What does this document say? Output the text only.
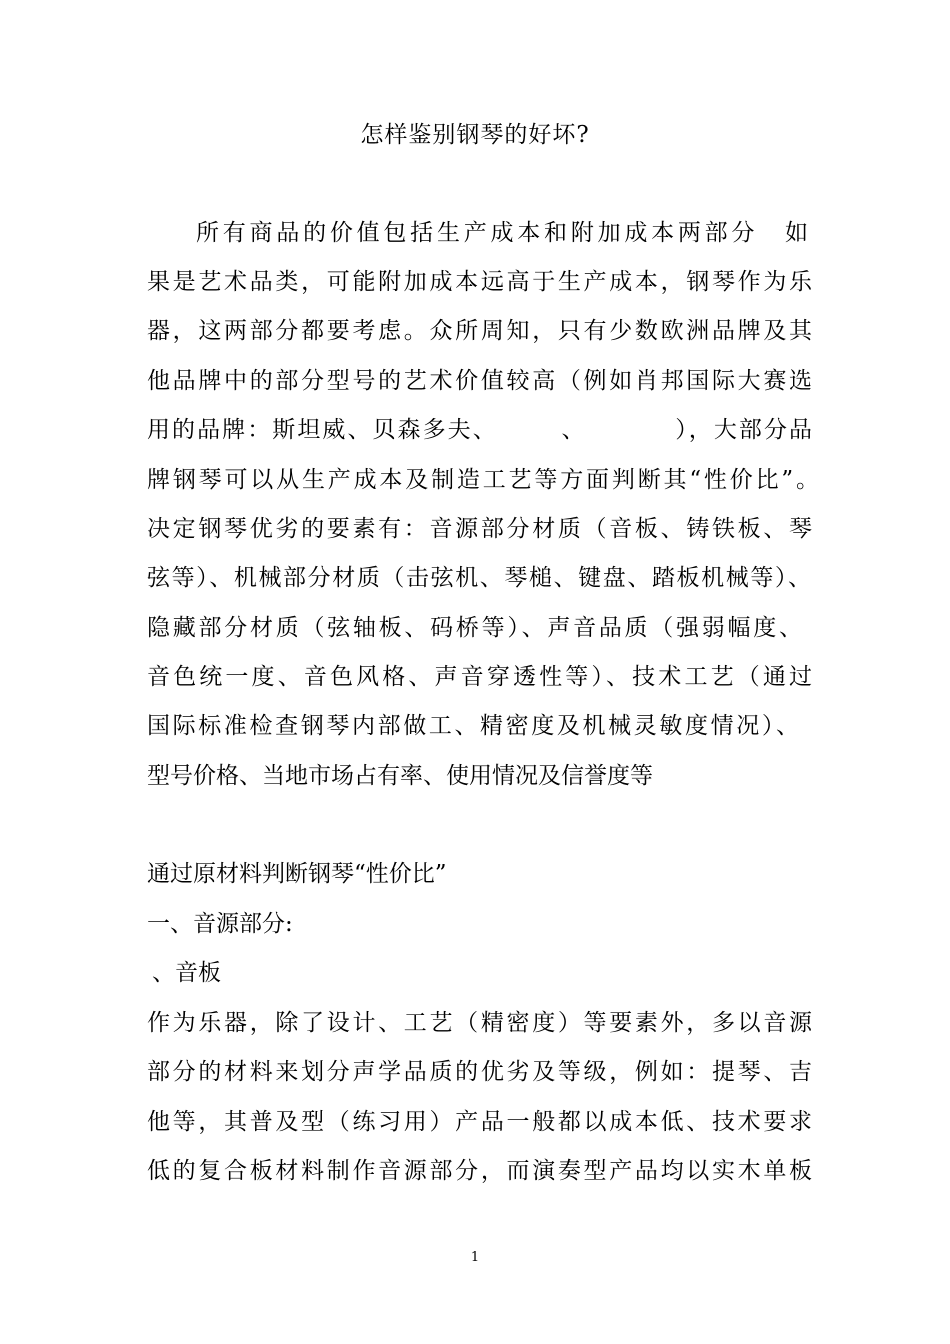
怎样鉴别钢琴的好坏?
所有商品的价值包括生产成本和附加成本两部分　如
果是艺术品类，可能附加成本远高于生产成本，钢琴作为乐
器，这两部分都要考虑。众所周知，只有少数欧洲品牌及其
他品牌中的部分型号的艺术价值较高（例如肖邦国际大赛选
用的品牌：斯坦威、贝森多夫、　　　、　　　　），大部分品
牌钢琴可以从生产成本及制造工艺等方面判断其“性价比”。
决定钢琴优劣的要素有：音源部分材质（音板、铸铁板、琴
弦等）、机械部分材质（击弦机、琴槌、键盘、踏板机械等）、
隐藏部分材质（弦轴板、码桥等）、声音品质（强弱幅度、
音色统一度、音色风格、声音穿透性等）、技术工艺（通过
国际标准检查钢琴内部做工、精密度及机械灵敏度情况）、
型号价格、当地市场占有率、使用情况及信誉度等
通过原材料判断钢琴“性价比”
一、音源部分:
、音板
作为乐器，除了设计、工艺（精密度）等要素外，多以音源
部分的材料来划分声学品质的优劣及等级，例如：提琴、吉
他等，其普及型（练习用）产品一般都以成本低、技术要求
低的复合板材料制作音源部分，而演奏型产品均以实木单板
1
